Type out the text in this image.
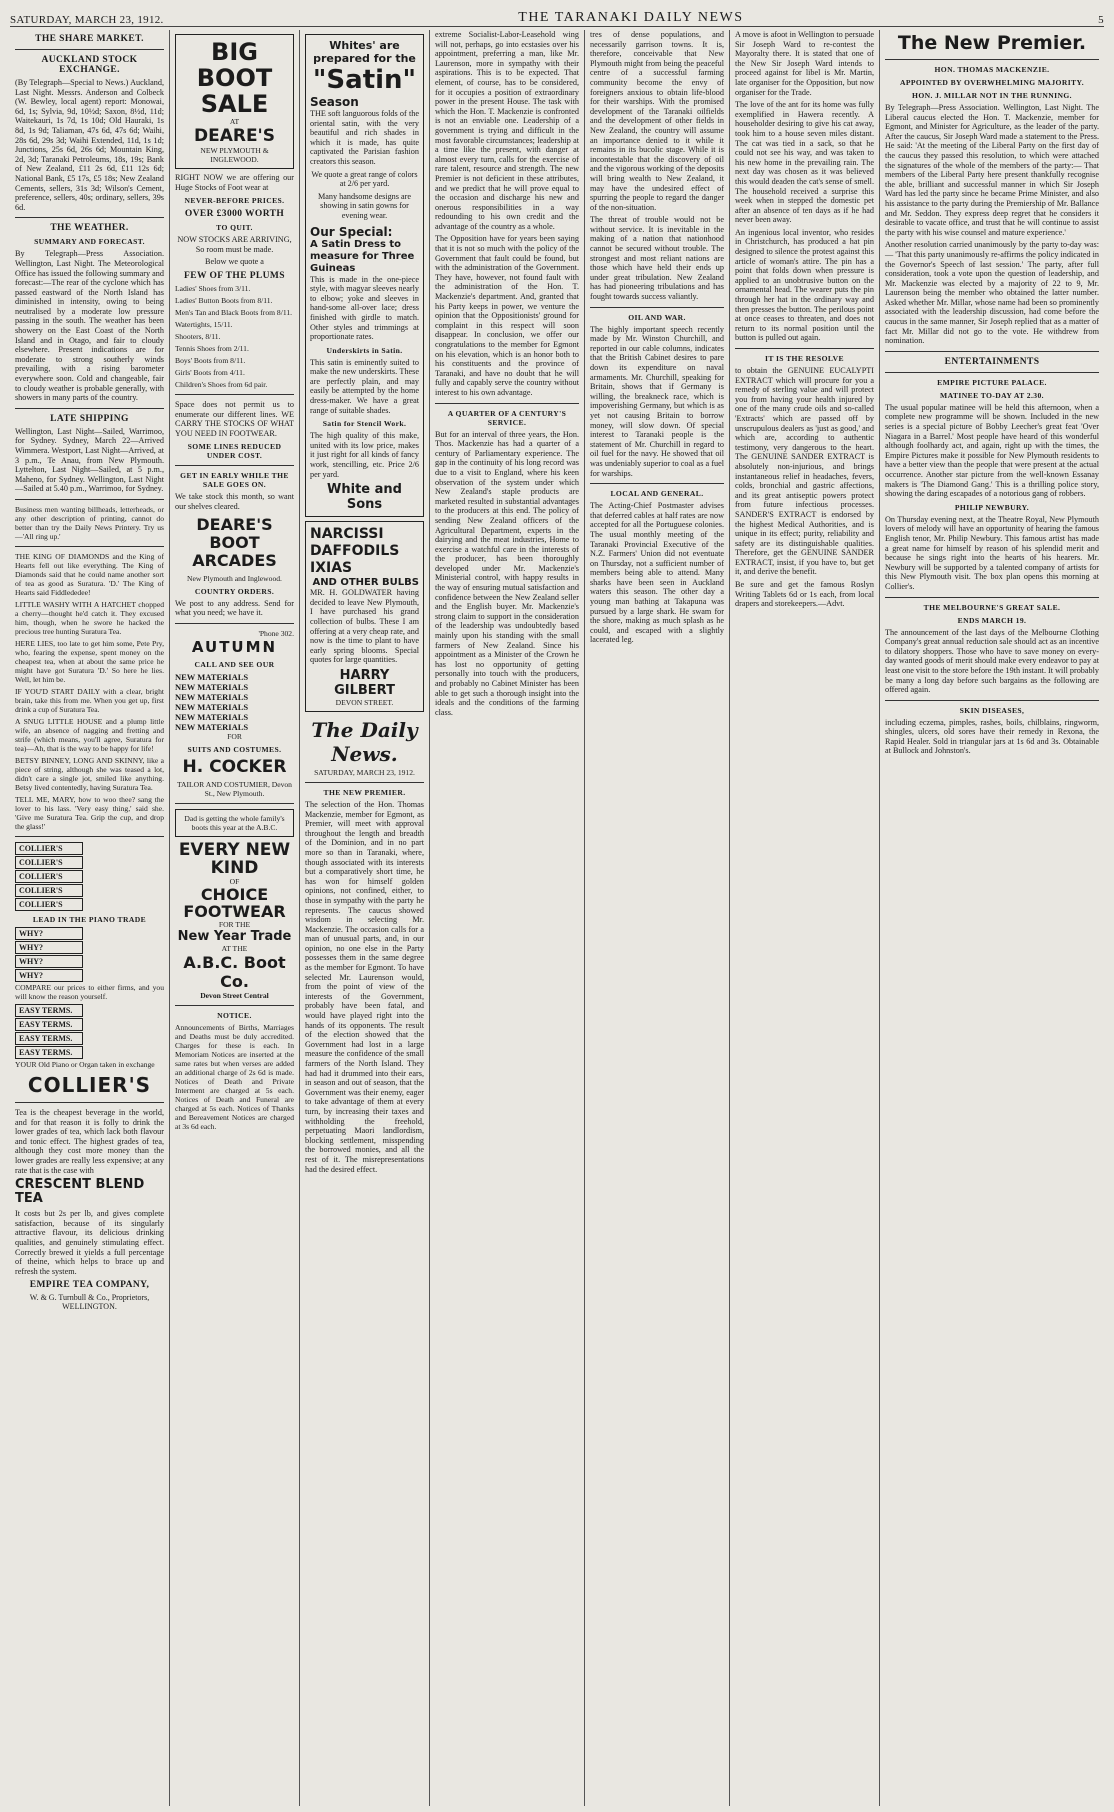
SATURDAY, MARCH 23, 1912.	THE TARANAKI DAILY NEWS	5
THE SHARE MARKET.
AUCKLAND STOCK EXCHANGE.

(By Telegraph—Special to News.) Auckland, Last Night. Messrs. Anderson and Colbeck (W. Bewley, local agent) report: Monowai, 6d, 1s; Sylvia, 9d, 10½d; Saxon, 8½d, 11d; Waitekauri, 1s 7d, 1s 10d; Old Hauraki, 1s 8d, 1s 9d; Taliaman, 47s 6d, 47s 6d; Waihi, 28s 6d, 29s 3d; Waihi Extended, 11d, 1s 1d; Junctions, 25s 6d, 26s 6d; Mountain King, 2d, 3d; Taranaki Petroleums, 18s, 19s; Bank of New Zealand, £11 2s 6d, £11 12s 6d; National Bank, £5 17s, £5 18s; New Zealand Cements, sellers, 31s 3d; Wilson's Cement, preference, sellers, 40s; ordinary, sellers, 39s 6d.

THE WEATHER.
SUMMARY AND FORECAST.

By Telegraph—Press Association. Wellington, Last Night. The Meteorological Office has issued the following summary and forecast:—The rear of the cyclone which has passed eastward of the North Island has diminished in intensity, owing to being neutralised by a moderate low pressure passing in the south. The weather has been showery on the East Coast of the North Island and in Otago, and fair to cloudy elsewhere. Present indications are for moderate to strong southerly winds prevailing, with a rising barometer everywhere soon. Cold and changeable, fair to cloudy weather is probable generally, with showers in many parts of the country.

LATE SHIPPING

Wellington, Last Night—Sailed, Warrimoo, for Sydney. Sydney, March 22—Arrived Wimmera. Westport, Last Night—Arrived, at 3 p.m., Te Anau, from New Plymouth. Lyttelton, Last Night—Sailed, at 5 p.m., Maheno, for Sydney. Wellington, Last Night—Sailed at 5.40 p.m., Warrimoo, for Sydney.

Business men wanting billheads, letterheads, or any other description of printing, cannot do better than try the Daily News Printery. Try us—'All ring up.'

THE KING OF DIAMONDS and the King of Hearts fell out like everything. The King of Diamonds said that he could name another sort of tea as good as Suratura. 'D.' The King of Hearts said Fiddlededee!

LITTLE WASHY WITH A HATCHET chopped a cherry—thought he'd catch it. They excused him, though, when he swore he hacked the precious tree hunting Suratura Tea.

HERE LIES, too late to get him some, Pete Pry, who, fearing the expense, spent money on the cheapest tea, when at about the same price he might have got Suratura 'D.' So here he lies. Well, let him be.

IF YOU'D START DAILY with a clear, bright brain, take this from me. When you get up, first drink a cup of Suratura Tea.

A SNUG LITTLE HOUSE and a plump little wife, an absence of nagging and fretting and strife (which means, you'll agree, Suratura for tea)—Ah, that is the way to be happy for life!

BETSY BINNEY, LONG AND SKINNY, like a piece of string, although she was teased a lot, didn't care a single jot, smiled like anything. Betsy lived contentedly, having Suratura Tea.

TELL ME, MARY, how to woo thee? sang the lover to his lass. 'Very easy thing,' said she. 'Give me Suratura Tea. Grip the cup, and drop the glass!'

COLLIER'S
COLLIER'S
COLLIER'S
COLLIER'S
COLLIER'S
LEAD IN THE PIANO TRADE
WHY?
WHY?
WHY?
WHY?

COMPARE our prices to either firms, and you will know the reason yourself.

EASY TERMS.
EASY TERMS.
EASY TERMS.
EASY TERMS.

YOUR Old Piano or Organ taken in exchange

COLLIER'S

Tea is the cheapest beverage in the world, and for that reason it is folly to drink the lower grades of tea, which lack both flavour and tonic effect. The highest grades of tea, although they cost more money than the lower grades are really less expensive; at any rate that is the case with

CRESCENT BLEND TEA

It costs but 2s per lb, and gives complete satisfaction, because of its singularly attractive flavour, its delicious drinking qualities, and genuinely stimulating effect. Correctly brewed it yields a full percentage of theine, which helps to brace up and refresh the system.

EMPIRE TEA COMPANY,
W. & G. Turnbull & Co., Proprietors, WELLINGTON.
BIG BOOT SALE
AT
DEARE'S
NEW PLYMOUTH & INGLEWOOD.

RIGHT NOW we are offering our Huge Stocks of Foot wear at

NEVER-BEFORE PRICES.
OVER £3000 WORTH
TO QUIT.

NOW STOCKS ARE ARRIVING, So room must be made.

Below we quote a

FEW OF THE PLUMS

Ladies' Shoes from 3/11.

Ladies' Button Boots from 8/11.

Men's Tan and Black Boots from 8/11.

Watertights, 15/11.

Shooters, 8/11.

Tennis Shoes from 2/11.

Boys' Boots from 8/11.

Girls' Boots from 4/11.

Children's Shoes from 6d pair.

Space does not permit us to enumerate our different lines. WE CARRY THE STOCKS OF WHAT YOU NEED IN FOOTWEAR.

SOME LINES REDUCED UNDER COST.
GET IN EARLY WHILE THE SALE GOES ON.

We take stock this month, so want our shelves cleared.

DEARE'S BOOT ARCADES
New Plymouth and Inglewood.
COUNTRY ORDERS.

We post to any address. Send for what you need; we have it.

'Phone 302.
AUTUMN
CALL AND SEE OUR
NEW MATERIALS
NEW MATERIALS
NEW MATERIALS
NEW MATERIALS
NEW MATERIALS
NEW MATERIALS
FOR
SUITS AND COSTUMES.
H. COCKER
TAILOR AND COSTUMIER, Devon St., New Plymouth.
Dad is getting the whole family's boots this year at the A.B.C.
EVERY NEW KIND
OF
CHOICE FOOTWEAR
FOR THE
New Year Trade
AT THE
A.B.C. Boot Co.
Devon Street Central
NOTICE.

Announcements of Births, Marriages and Deaths must be duly accredited. Charges for these is each. In Memoriam Notices are inserted at the same rates but when verses are added an additional charge of 2s 6d is made. Notices of Death and Private Interment are charged at 5s each. Notices of Death and Funeral are charged at 5s each. Notices of Thanks and Bereavement Notices are charged at 3s 6d each.

Whites' are prepared for the
"Satin"
Season

THE soft languorous folds of the oriental satin, with the very beautiful and rich shades in which it is made, has quite captivated the Parisian fashion creators this season.

We quote a great range of colors at 2/6 per yard.

Many handsome designs are showing in satin gowns for evening wear.

Our Special:
A Satin Dress to measure for Three Guineas

This is made in the one-piece style, with magyar sleeves nearly to elbow; yoke and sleeves in hand-some all-over lace; dress finished with girdle to match. Other styles and trimmings at proportionate rates.

Underskirts in Satin.

This satin is eminently suited to make the new underskirts. These are perfectly plain, and may easily be attempted by the home dress-maker. We have a great range of suitable shades.

Satin for Stencil Work.

The high quality of this make, united with its low price, makes it just right for all kinds of fancy work, stencilling, etc. Price 2/6 per yard.

White and Sons
NARCISSI
DAFFODILS
IXIAS
AND OTHER BULBS

MR. H. GOLDWATER having decided to leave New Plymouth, I have purchased his grand collection of bulbs. These I am offering at a very cheap rate, and now is the time to plant to have early spring blooms. Special quotes for large quantities.

HARRY GILBERT
DEVON STREET.
The Daily News.
SATURDAY, MARCH 23, 1912.
THE NEW PREMIER.

The selection of the Hon. Thomas Mackenzie, member for Egmont, as Premier, will meet with approval throughout the length and breadth of the Dominion, and in no part more so than in Taranaki, where, though associated with its interests but a comparatively short time, he has won for himself golden opinions, not confined, either, to those in sympathy with the party he represents. The caucus showed wisdom in selecting Mr. Mackenzie. The occasion calls for a man of unusual parts, and, in our opinion, no one else in the Party possesses them in the same degree as the member for Egmont. To have selected Mr. Laurenson would, from the point of view of the interests of the Government, probably have been fatal, and would have played right into the hands of its opponents. The result of the election showed that the Government had lost in a large measure the confidence of the small farmers of the North Island. They had had it drummed into their ears, in season and out of season, that the Government was their enemy, eager to take advantage of them at every turn, by increasing their taxes and withholding the freehold, perpetuating Maori landlordism, blocking settlement, misspending the borrowed monies, and all the rest of it. The misrepresentations had the desired effect.

extreme Socialist-Labor-Leasehold wing will not, perhaps, go into ecstasies over his appointment, preferring a man, like Mr. Laurenson, more in sympathy with their aspirations. This is to be expected. That element, of course, has to be considered, for it occupies a position of extraordinary power in the present House. The task with which the Hon. T. Mackenzie is confronted is not an enviable one. Leadership of a government is trying and difficult in the most favorable circumstances; leadership at a time like the present, with danger at almost every turn, calls for the exercise of rare talent, resource and strength. The new Premier is not deficient in these attributes, and we predict that he will prove equal to the occasion and discharge his new and onerous responsibilities in a way redounding to his own credit and the advantage of the country as a whole.

The Opposition have for years been saying that it is not so much with the policy of the Government that fault could be found, but with the administration of the Government. They have, however, not found fault with the administration of the Hon. T. Mackenzie's department. And, granted that his Party keeps in power, we venture the opinion that the Oppositionists' ground for complaint in this respect will soon disappear. In conclusion, we offer our congratulations to the member for Egmont on his elevation, which is an honor both to his constituents and the province of Taranaki, and have no doubt that he will fully and capably serve the country without interest to his own advantage.

A QUARTER OF A CENTURY'S SERVICE.

But for an interval of three years, the Hon. Thos. Mackenzie has had a quarter of a century of Parliamentary experience. The gap in the continuity of his long record was due to a visit to England, where his keen observation of the system under which New Zealand's staple products are marketed resulted in substantial advantages to the producers at this end. The policy of sending New Zealand officers of the Agricultural Department, experts in the dairying and the meat industries, Home to exercise a watchful care in the interests of the producer, has been thoroughly developed under Mr. Mackenzie's Ministerial control, with happy results in the way of ensuring mutual satisfaction and confidence between the New Zealand seller and the English buyer. Mr. Mackenzie's strong claim to support in the consideration of the leadership was undoubtedly based mainly upon his standing with the small farmers of New Zealand. Since his appointment as a Minister of the Crown he has lost no opportunity of getting personally into touch with the producers, and probably no Cabinet Minister has been able to get such a thorough insight into the ideals and the conditions of the farming class.

tres of dense populations, and necessarily garrison towns. It is, therefore, conceivable that New Plymouth might from being the peaceful centre of a successful farming community become the envy of foreigners anxious to obtain life-blood for their warships. With the promised development of the Taranaki oilfields and the development of other fields in New Zealand, the country will assume an importance denied to it while it remains in its bucolic stage. While it is incontestable that the discovery of oil and the vigorous working of the deposits will bring wealth to New Zealand, it may have the undesired effect of spurring the people to regard the danger of the non-situation.

The threat of trouble would not be without service. It is inevitable in the making of a nation that nationhood cannot be secured without trouble. The strongest and most reliant nations are those which have held their ends up under great tribulation. New Zealand has had pioneering tribulations and has fought towards success valiantly.

OIL AND WAR.

The highly important speech recently made by Mr. Winston Churchill, and reported in our cable columns, indicates that the British Cabinet desires to pare down its expenditure on naval armaments. Mr. Churchill, speaking for Britain, shows that if Germany is willing, the breakneck race, which is impoverishing Germany, but which is as yet not causing Britain to borrow money, will slow down. Of special interest to Taranaki people is the statement of Mr. Churchill in regard to oil fuel for the navy. He showed that oil was undeniably superior to coal as a fuel for warships.

LOCAL AND GENERAL.

The Acting-Chief Postmaster advises that deferred cables at half rates are now accepted for all the Portuguese colonies. The usual monthly meeting of the Taranaki Provincial Executive of the N.Z. Farmers' Union did not eventuate on Thursday, not a sufficient number of members being able to attend. Many sharks have been seen in Auckland waters this season. The other day a young man bathing at Takapuna was pursued by a large shark. He swam for the shore, making as much splash as he could, and escaped with a slightly lacerated leg.

A move is afoot in Wellington to persuade Sir Joseph Ward to re-contest the Mayoralty there. It is stated that one of the New Sir Joseph Ward intends to proceed against for libel is Mr. Martin, late organiser for the Opposition, but now organiser for the Trade.

The love of the ant for its home was fully exemplified in Hawera recently. A householder desiring to give his cat away, took him to a house seven miles distant. The cat was tied in a sack, so that he could not see his way, and was taken to his new home in the prevailing rain. The next day was chosen as it was believed this would deaden the cat's sense of smell. The household received a surprise this week when in stepped the domestic pet after an absence of ten days as if he had never been away.

An ingenious local inventor, who resides in Christchurch, has produced a hat pin designed to silence the protest against this article of woman's attire. The pin has a point that folds down when pressure is applied to an unobtrusive button on the ornamental head. The wearer puts the pin through her hat in the ordinary way and then presses the button. The perilous point at once ceases to threaten, and does not return to its normal position until the button is pulled out again.

IT IS THE RESOLVE

to obtain the GENUINE EUCALYPTI EXTRACT which will procure for you a remedy of sterling value and will protect you from having your health injured by one of the many crude oils and so-called 'Extracts' which are passed off by unscrupulous dealers as 'just as good,' and which are, according to authentic testimony, very dangerous to the heart. The GENUINE SANDER EXTRACT is absolutely non-injurious, and brings instantaneous relief in headaches, fevers, colds, bronchial and gastric affections, and its great antiseptic powers protect from future infectious processes. SANDER'S EXTRACT is endorsed by the highest Medical Authorities, and is unique in its effect; purity, reliability and safety are its distinguishable qualities. Therefore, get the GENUINE SANDER EXTRACT, insist, if you have to, but get it, and derive the benefit.

Be sure and get the famous Roslyn Writing Tablets 6d or 1s each, from local drapers and storekeepers.—Advt.

The New Premier.
HON. THOMAS MACKENZIE.
APPOINTED BY OVERWHELMING MAJORITY.
HON. J. MILLAR NOT IN THE RUNNING.

By Telegraph—Press Association. Wellington, Last Night. The Liberal caucus elected the Hon. T. Mackenzie, member for Egmont, and Minister for Agriculture, as the leader of the party. After the caucus, Sir Joseph Ward made a statement to the Press. He said: 'At the meeting of the Liberal Party on the first day of the caucus they passed this resolution, to which were attached the signatures of the whole of the members of the party:— That members of the Liberal Party here present thankfully recognise the able, brilliant and successful manner in which Sir Joseph Ward has led the party since he became Prime Minister, and also his assistance to the party during the Premiership of Mr. Ballance and Mr. Seddon. They express deep regret that he considers it desirable to vacate office, and trust that he will continue to assist the party with his wise counsel and mature experience.'

Another resolution carried unanimously by the party to-day was:— 'That this party unanimously re-affirms the policy indicated in the Governor's Speech of last session.' The party, after full consideration, took a vote upon the question of leadership, and Mr. Mackenzie was elected by a majority of 22 to 9, Mr. Laurenson being the member who obtained the latter number. Asked whether Mr. Millar, whose name had been so prominently associated with the leadership discussion, had come before the caucus in the same manner, Sir Joseph replied that as a matter of fact Mr. Millar did not go to the vote. He withdrew from nomination.

ENTERTAINMENTS
EMPIRE PICTURE PALACE.
MATINEE TO-DAY AT 2.30.

The usual popular matinee will be held this afternoon, when a complete new programme will be shown. Included in the new series is a special picture of Bobby Leecher's great feat 'Over Niagara in a Barrel.' Most people have heard of this wonderful although foolhardy act, and again, right up with the times, the Empire Pictures make it possible for New Plymouth residents to have a better view than the people that were present at the actual occurrence. Another star picture from the well-known Essanay makers is 'The Diamond Gang.' This is a thrilling police story, showing the daring escapades of a notorious gang of robbers.

PHILIP NEWBURY.

On Thursday evening next, at the Theatre Royal, New Plymouth lovers of melody will have an opportunity of hearing the famous English tenor, Mr. Philip Newbury. This famous artist has made a great name for himself by reason of his splendid merit and because he sings right into the hearts of his hearers. Mr. Newbury will be supported by a talented company of artists for this New Plymouth visit. The box plan opens this morning at Collier's.

THE MELBOURNE'S GREAT SALE.
ENDS MARCH 19.

The announcement of the last days of the Melbourne Clothing Company's great annual reduction sale should act as an incentive to dilatory shoppers. Those who have to save money on every-day wanted goods of merit should make every endeavor to pay at least one visit to the store before the 19th instant. It will probably be many a long day before such bargains as the following are offered again.

SKIN DISEASES,

including eczema, pimples, rashes, boils, chilblains, ringworm, shingles, ulcers, old sores have their remedy in Rexona, the Rapid Healer. Sold in triangular jars at 1s 6d and 3s. Obtainable at Bullock and Johnston's.
